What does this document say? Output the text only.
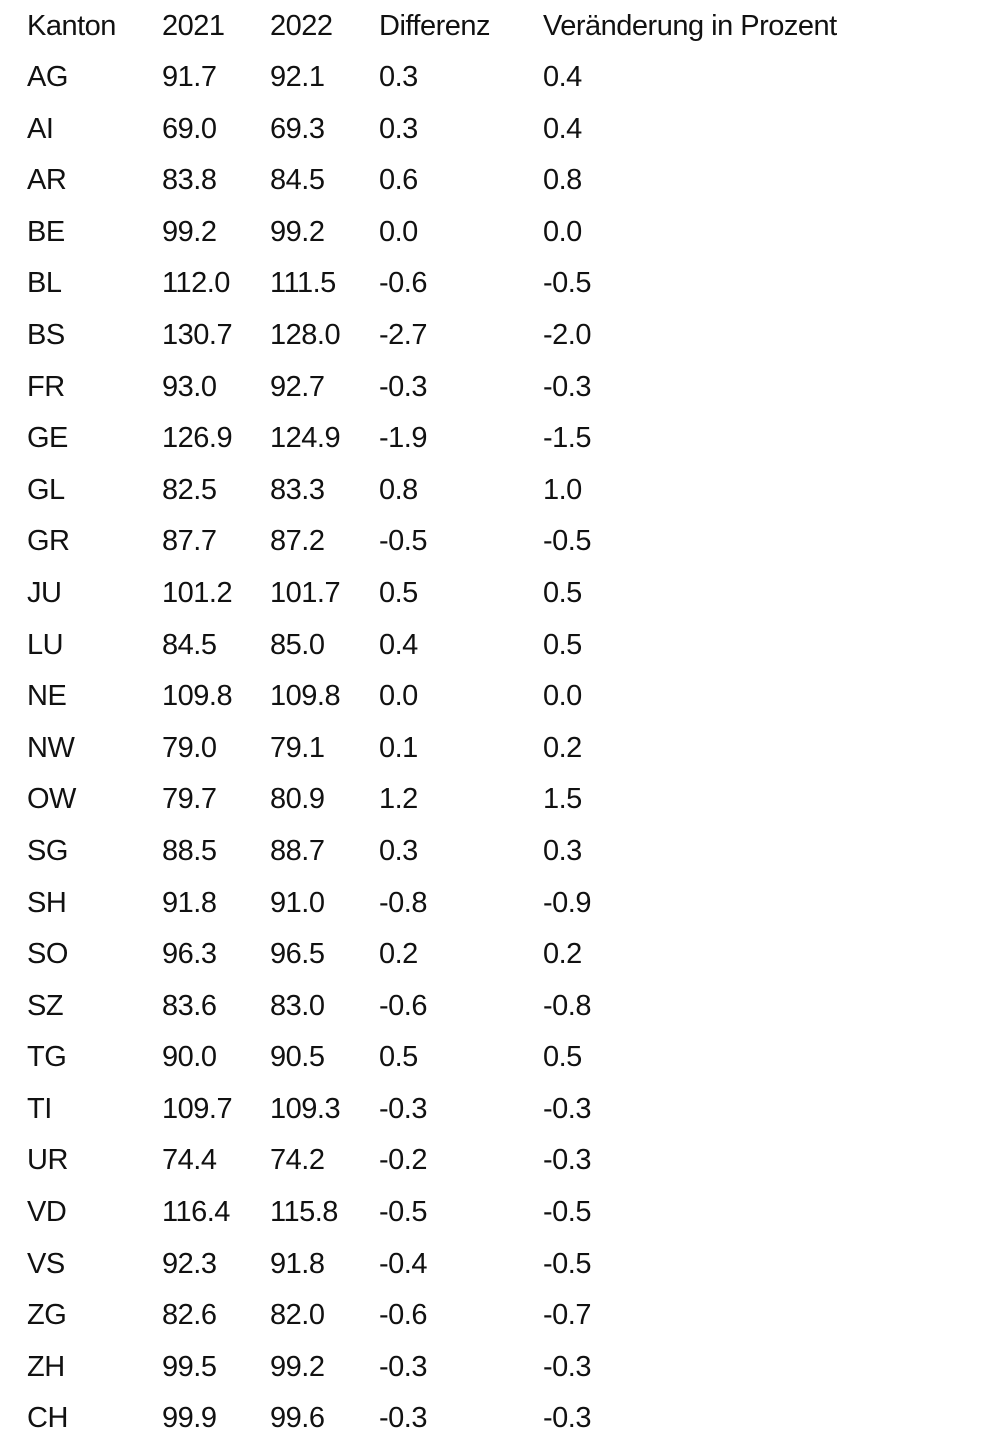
Kanton	2021	2022	Differenz	Veränderung in Prozent
AG	91.7	92.1	0.3	0.4
AI	69.0	69.3	0.3	0.4
AR	83.8	84.5	0.6	0.8
BE	99.2	99.2	0.0	0.0
BL	112.0	111.5	-0.6	-0.5
BS	130.7	128.0	-2.7	-2.0
FR	93.0	92.7	-0.3	-0.3
GE	126.9	124.9	-1.9	-1.5
GL	82.5	83.3	0.8	1.0
GR	87.7	87.2	-0.5	-0.5
JU	101.2	101.7	0.5	0.5
LU	84.5	85.0	0.4	0.5
NE	109.8	109.8	0.0	0.0
NW	79.0	79.1	0.1	0.2
OW	79.7	80.9	1.2	1.5
SG	88.5	88.7	0.3	0.3
SH	91.8	91.0	-0.8	-0.9
SO	96.3	96.5	0.2	0.2
SZ	83.6	83.0	-0.6	-0.8
TG	90.0	90.5	0.5	0.5
TI	109.7	109.3	-0.3	-0.3
UR	74.4	74.2	-0.2	-0.3
VD	116.4	115.8	-0.5	-0.5
VS	92.3	91.8	-0.4	-0.5
ZG	82.6	82.0	-0.6	-0.7
ZH	99.5	99.2	-0.3	-0.3
CH	99.9	99.6	-0.3	-0.3
